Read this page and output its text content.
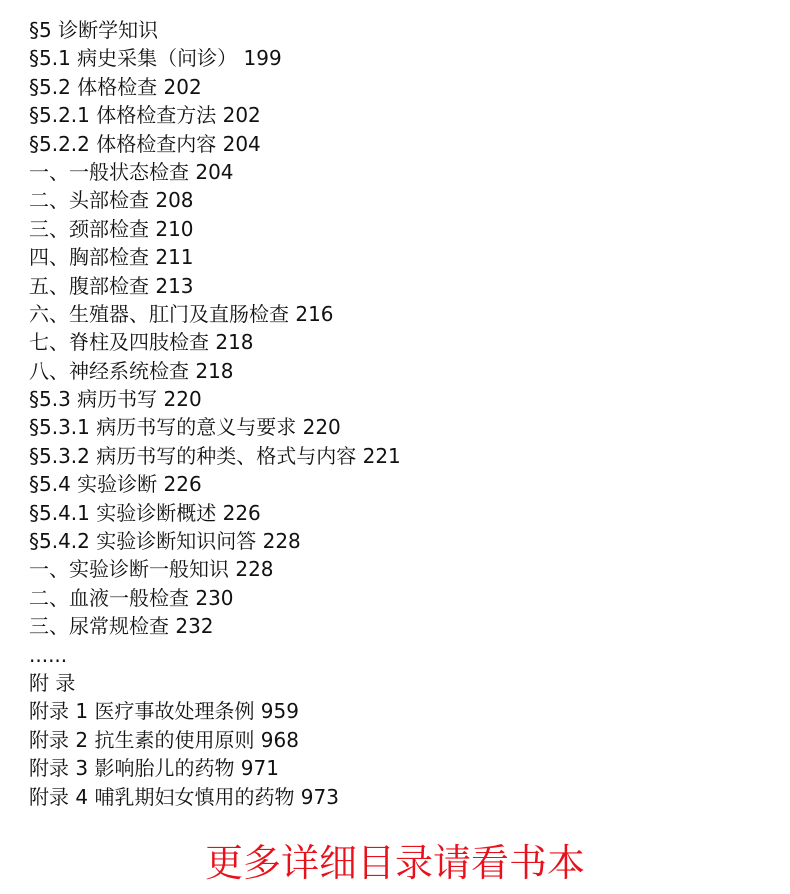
§5 诊断学知识
§5.1 病史采集（问诊） 199
§5.2 体格检查 202
§5.2.1 体格检查方法 202
§5.2.2 体格检查内容 204
一、一般状态检查 204
二、头部检查 208
三、颈部检查 210
四、胸部检查 211
五、腹部检查 213
六、生殖器、肛门及直肠检查 216
七、脊柱及四肢检查 218
八、神经系统检查 218
§5.3 病历书写 220
§5.3.1 病历书写的意义与要求 220
§5.3.2 病历书写的种类、格式与内容 221
§5.4 实验诊断 226
§5.4.1 实验诊断概述 226
§5.4.2 实验诊断知识问答 228
一、实验诊断一般知识 228
二、血液一般检查 230
三、尿常规检查 232
......
附 录
附录 1 医疗事故处理条例 959
附录 2 抗生素的使用原则 968
附录 3 影响胎儿的药物 971
附录 4 哺乳期妇女慎用的药物 973
更多详细目录请看书本
